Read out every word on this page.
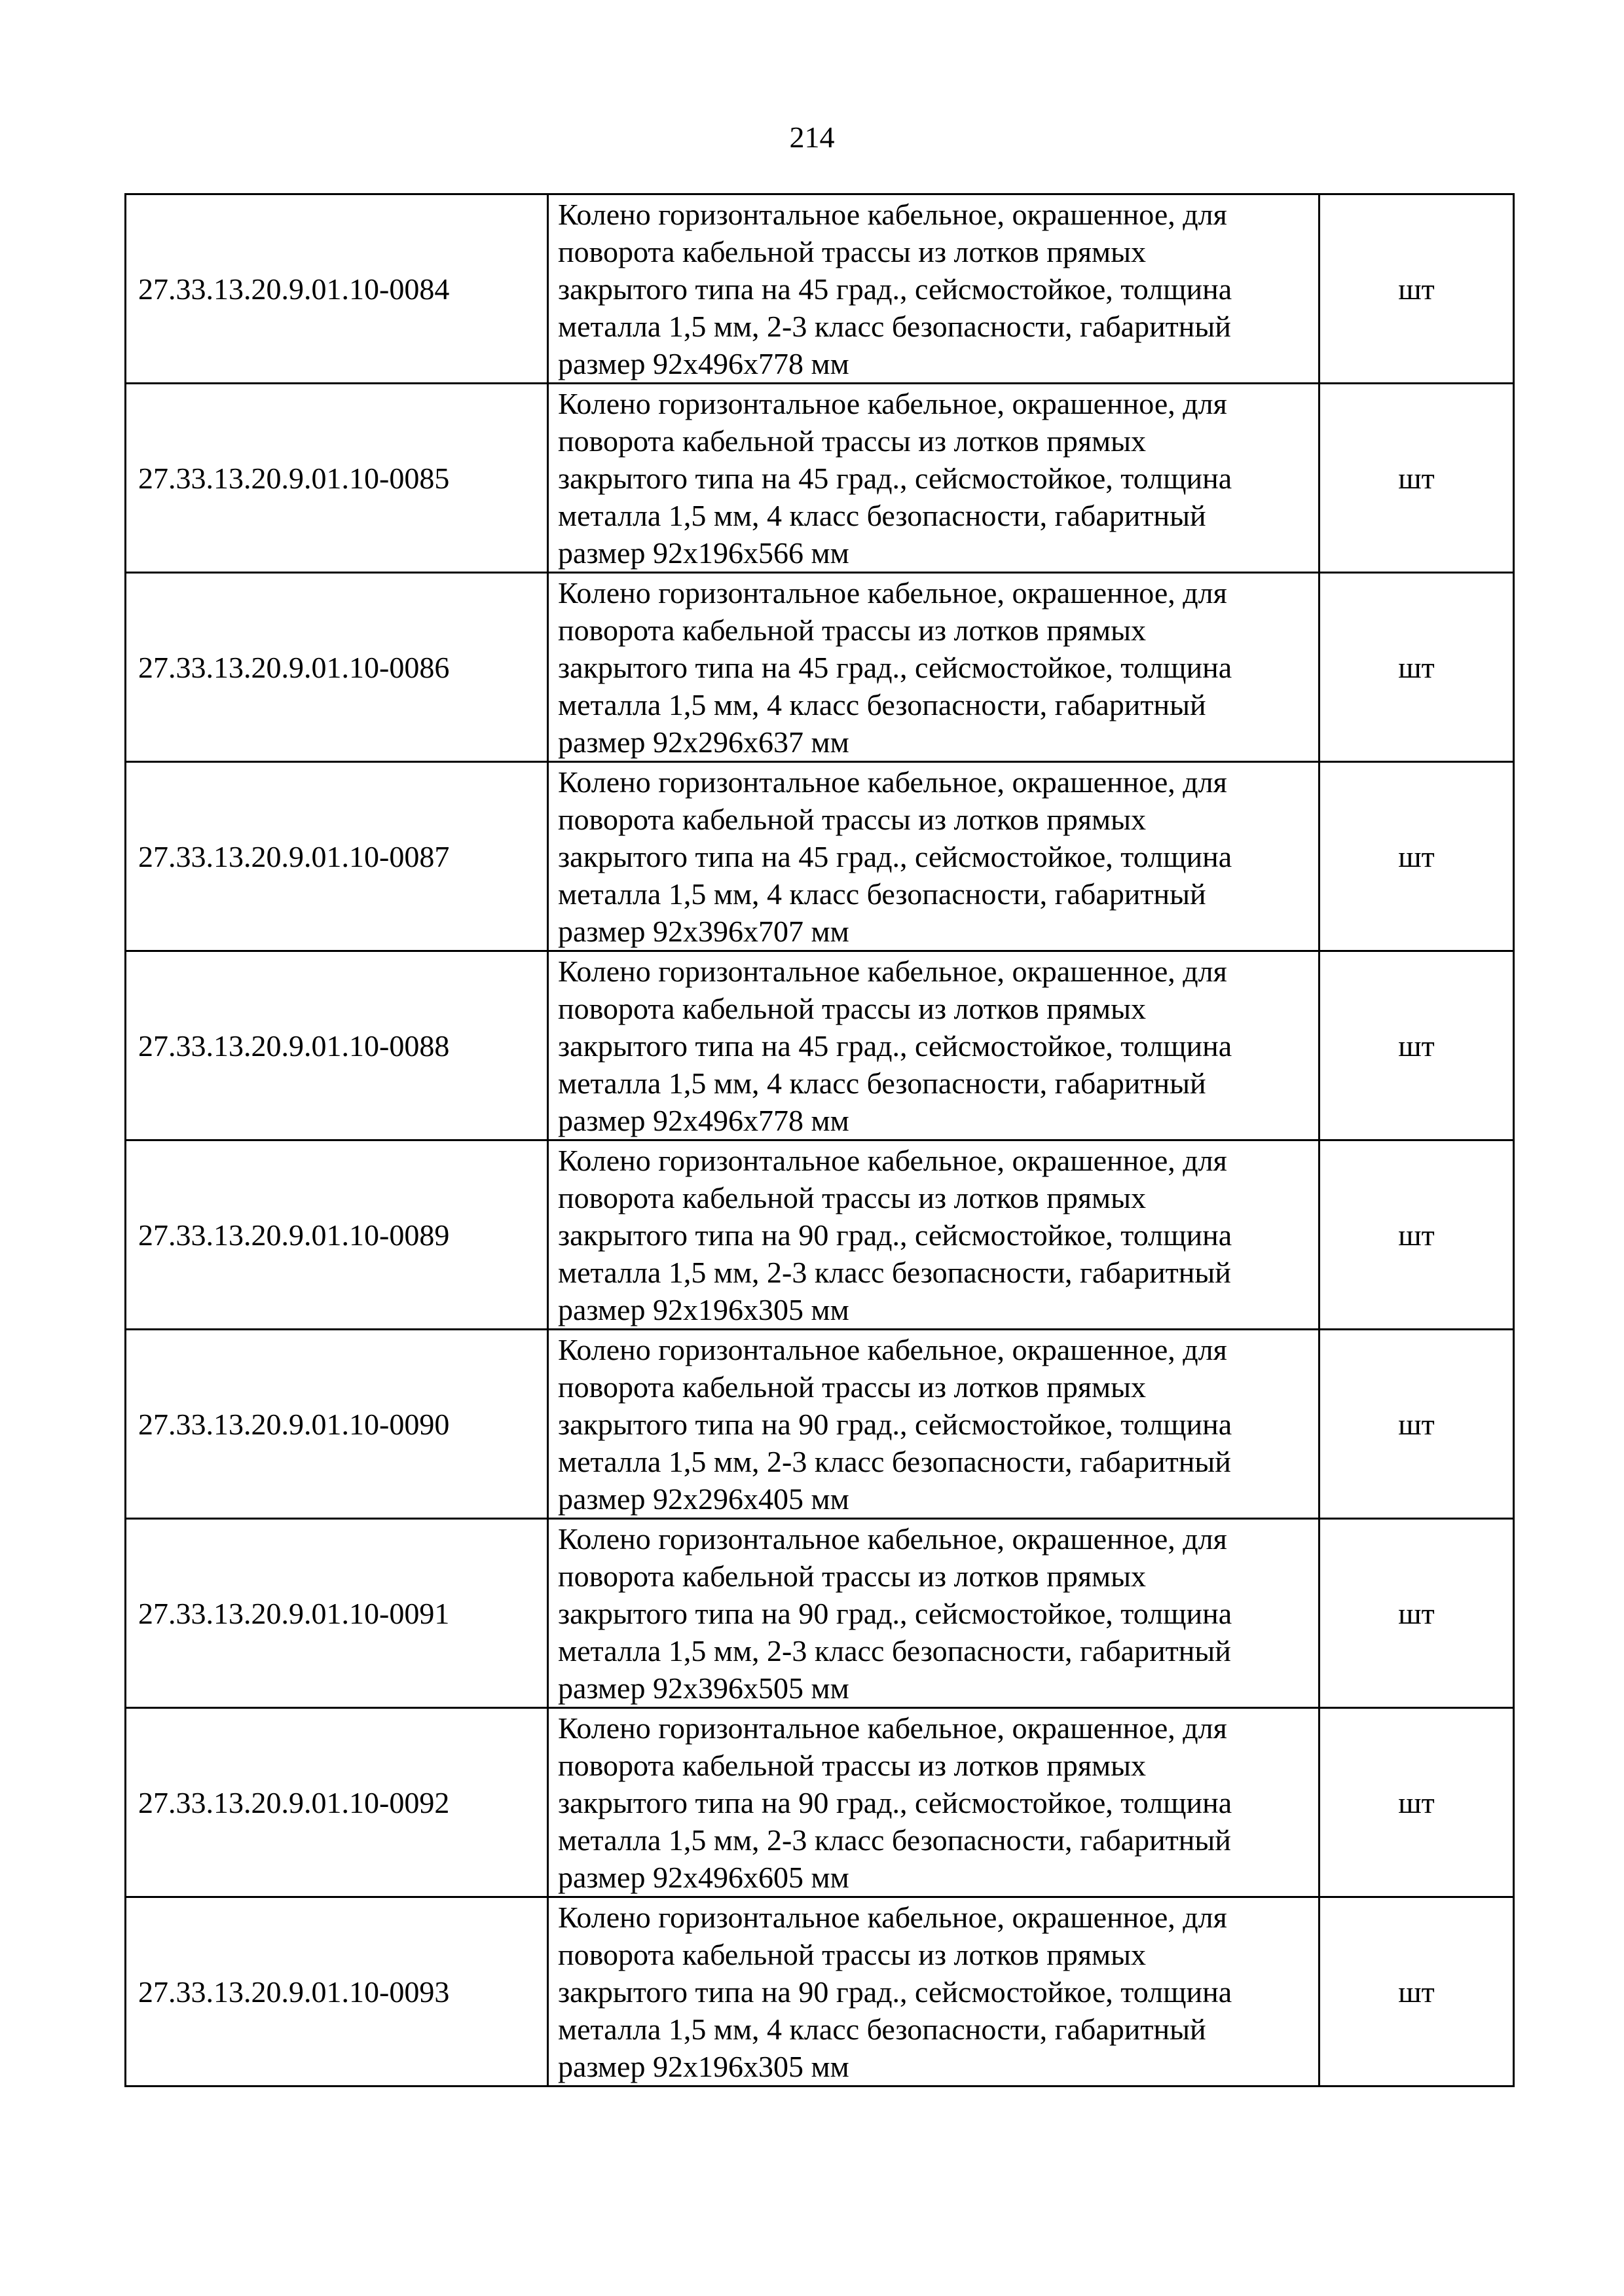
214
27.33.13.20.9.01.10-0084	Колено горизонтальное кабельное, окрашенное, для
поворота кабельной трассы из лотков прямых
закрытого типа на 45 град., сейсмостойкое, толщина
металла 1,5 мм, 2-3 класс безопасности, габаритный
размер 92х496х778 мм	шт
27.33.13.20.9.01.10-0085	Колено горизонтальное кабельное, окрашенное, для
поворота кабельной трассы из лотков прямых
закрытого типа на 45 град., сейсмостойкое, толщина
металла 1,5 мм, 4 класс безопасности, габаритный
размер 92х196х566 мм	шт
27.33.13.20.9.01.10-0086	Колено горизонтальное кабельное, окрашенное, для
поворота кабельной трассы из лотков прямых
закрытого типа на 45 град., сейсмостойкое, толщина
металла 1,5 мм, 4 класс безопасности, габаритный
размер 92х296х637 мм	шт
27.33.13.20.9.01.10-0087	Колено горизонтальное кабельное, окрашенное, для
поворота кабельной трассы из лотков прямых
закрытого типа на 45 град., сейсмостойкое, толщина
металла 1,5 мм, 4 класс безопасности, габаритный
размер 92х396х707 мм	шт
27.33.13.20.9.01.10-0088	Колено горизонтальное кабельное, окрашенное, для
поворота кабельной трассы из лотков прямых
закрытого типа на 45 град., сейсмостойкое, толщина
металла 1,5 мм, 4 класс безопасности, габаритный
размер 92х496х778 мм	шт
27.33.13.20.9.01.10-0089	Колено горизонтальное кабельное, окрашенное, для
поворота кабельной трассы из лотков прямых
закрытого типа на 90 град., сейсмостойкое, толщина
металла 1,5 мм, 2-3 класс безопасности, габаритный
размер 92х196х305 мм	шт
27.33.13.20.9.01.10-0090	Колено горизонтальное кабельное, окрашенное, для
поворота кабельной трассы из лотков прямых
закрытого типа на 90 град., сейсмостойкое, толщина
металла 1,5 мм, 2-3 класс безопасности, габаритный
размер 92х296х405 мм	шт
27.33.13.20.9.01.10-0091	Колено горизонтальное кабельное, окрашенное, для
поворота кабельной трассы из лотков прямых
закрытого типа на 90 град., сейсмостойкое, толщина
металла 1,5 мм, 2-3 класс безопасности, габаритный
размер 92х396х505 мм	шт
27.33.13.20.9.01.10-0092	Колено горизонтальное кабельное, окрашенное, для
поворота кабельной трассы из лотков прямых
закрытого типа на 90 град., сейсмостойкое, толщина
металла 1,5 мм, 2-3 класс безопасности, габаритный
размер 92х496х605 мм	шт
27.33.13.20.9.01.10-0093	Колено горизонтальное кабельное, окрашенное, для
поворота кабельной трассы из лотков прямых
закрытого типа на 90 град., сейсмостойкое, толщина
металла 1,5 мм, 4 класс безопасности, габаритный
размер 92х196х305 мм	шт
